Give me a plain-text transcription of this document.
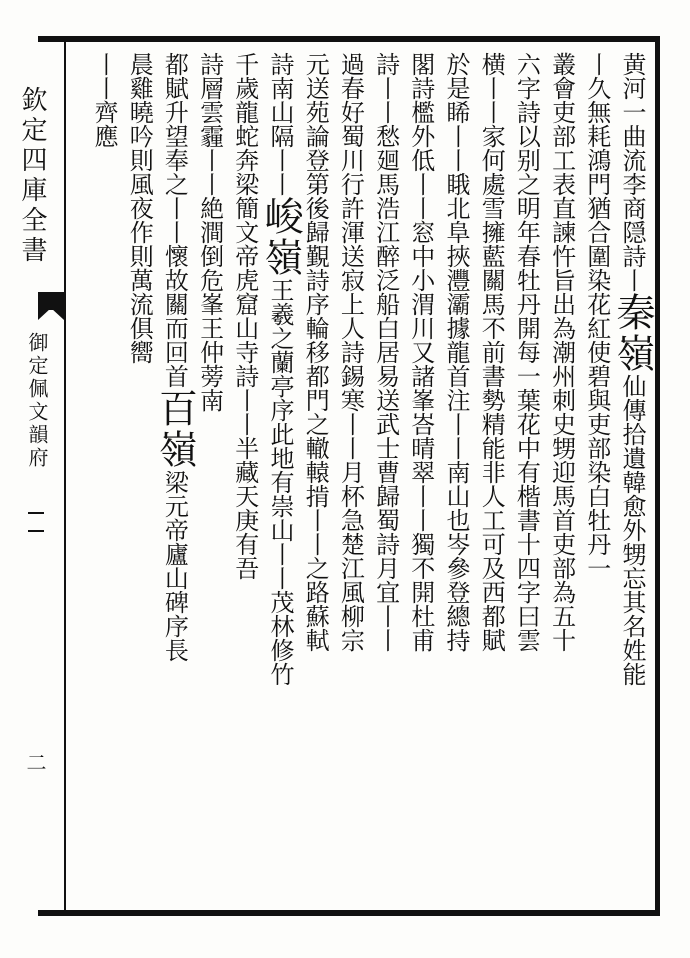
欽定四庫全書
御定佩文韻府
二
黄河一曲流李商隠詩丨秦嶺仙傳拾遺韓愈外甥忘其名姓能
丨久無耗鴻門猶合圍染花紅使碧與吏部染白牡丹一
叢會吏部工表直諫忤旨出為潮州刺史甥迎馬首吏部為五十
六字詩以别之明年春牡丹開每一葉花中有楷書十四字曰雲
横丨丨家何處雪擁藍關馬不前書勢精能非人工可及西都賦
於是睎丨丨睋北阜挾灃灞據龍首注丨丨南山也岑參登總持
閣詩檻外低丨丨窓中小渭川又諸峯峇晴翠丨丨獨不開杜甫
詩丨丨愁廻馬浩江醉泛船白居易送武士曹歸蜀詩月宜丨丨
過春好蜀川行許渾送寂上人詩錫寒丨丨月杯急楚江風柳宗
元送苑論登第後歸覲詩序輪移都門之轍轅掯丨丨之路蘇軾
詩南山隔丨丨峻嶺王羲之蘭亭序此地有崇山丨丨茂林修竹
千歲龍蛇奔梁簡文帝虎窟山寺詩丨丨半藏天庚有吾
詩層雲霾丨丨絶澗倒危峯王仲蒡南
都賦升望奉之丨丨懷故關而回首百嶺梁元帝廬山碑序長
晨雞曉吟則風夜作則萬流俱嚮
丨丨齊應
